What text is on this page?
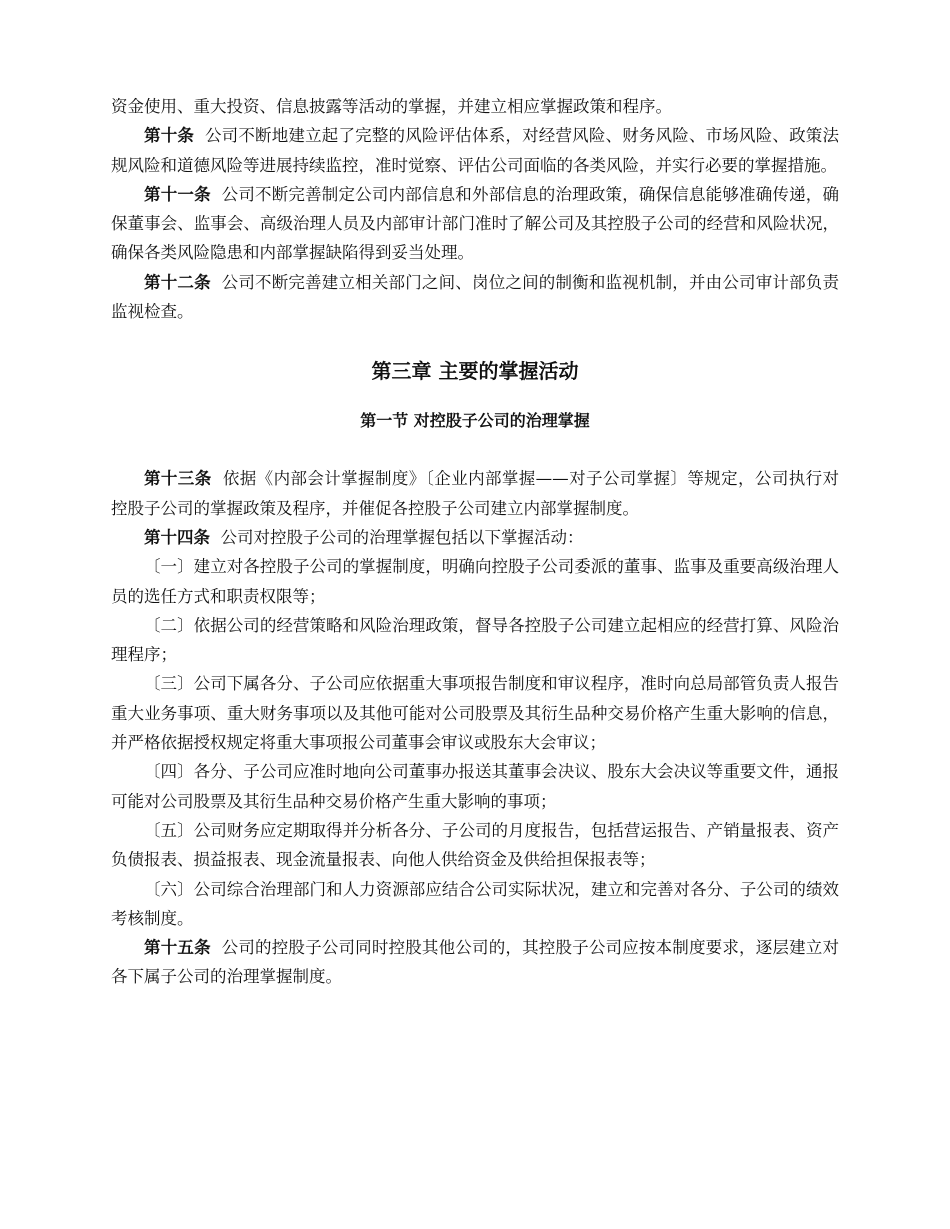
资金使用、重大投资、信息披露等活动的掌握，并建立相应掌握政策和程序。

第十条 公司不断地建立起了完整的风险评估体系，对经营风险、财务风险、市场风险、政策法规风险和道德风险等进展持续监控，准时觉察、评估公司面临的各类风险，并实行必要的掌握措施。

第十一条 公司不断完善制定公司内部信息和外部信息的治理政策，确保信息能够准确传递，确保董事会、监事会、高级治理人员及内部审计部门准时了解公司及其控股子公司的经营和风险状况，确保各类风险隐患和内部掌握缺陷得到妥当处理。

第十二条 公司不断完善建立相关部门之间、岗位之间的制衡和监视机制，并由公司审计部负责监视检查。

第三章 主要的掌握活动
第一节 对控股子公司的治理掌握

第十三条 依据《内部会计掌握制度》〔企业内部掌握——对子公司掌握〕等规定，公司执行对控股子公司的掌握政策及程序，并催促各控股子公司建立内部掌握制度。

第十四条 公司对控股子公司的治理掌握包括以下掌握活动：

〔一〕建立对各控股子公司的掌握制度，明确向控股子公司委派的董事、监事及重要高级治理人员的选任方式和职责权限等；

〔二〕依据公司的经营策略和风险治理政策，督导各控股子公司建立起相应的经营打算、风险治理程序；

〔三〕公司下属各分、子公司应依据重大事项报告制度和审议程序，准时向总局部管负责人报告重大业务事项、重大财务事项以及其他可能对公司股票及其衍生品种交易价格产生重大影响的信息，并严格依据授权规定将重大事项报公司董事会审议或股东大会审议；

〔四〕各分、子公司应准时地向公司董事办报送其董事会决议、股东大会决议等重要文件，通报可能对公司股票及其衍生品种交易价格产生重大影响的事项；

〔五〕公司财务应定期取得并分析各分、子公司的月度报告，包括营运报告、产销量报表、资产负债报表、损益报表、现金流量报表、向他人供给资金及供给担保报表等；

〔六〕公司综合治理部门和人力资源部应结合公司实际状况，建立和完善对各分、子公司的绩效考核制度。

第十五条 公司的控股子公司同时控股其他公司的，其控股子公司应按本制度要求，逐层建立对各下属子公司的治理掌握制度。
